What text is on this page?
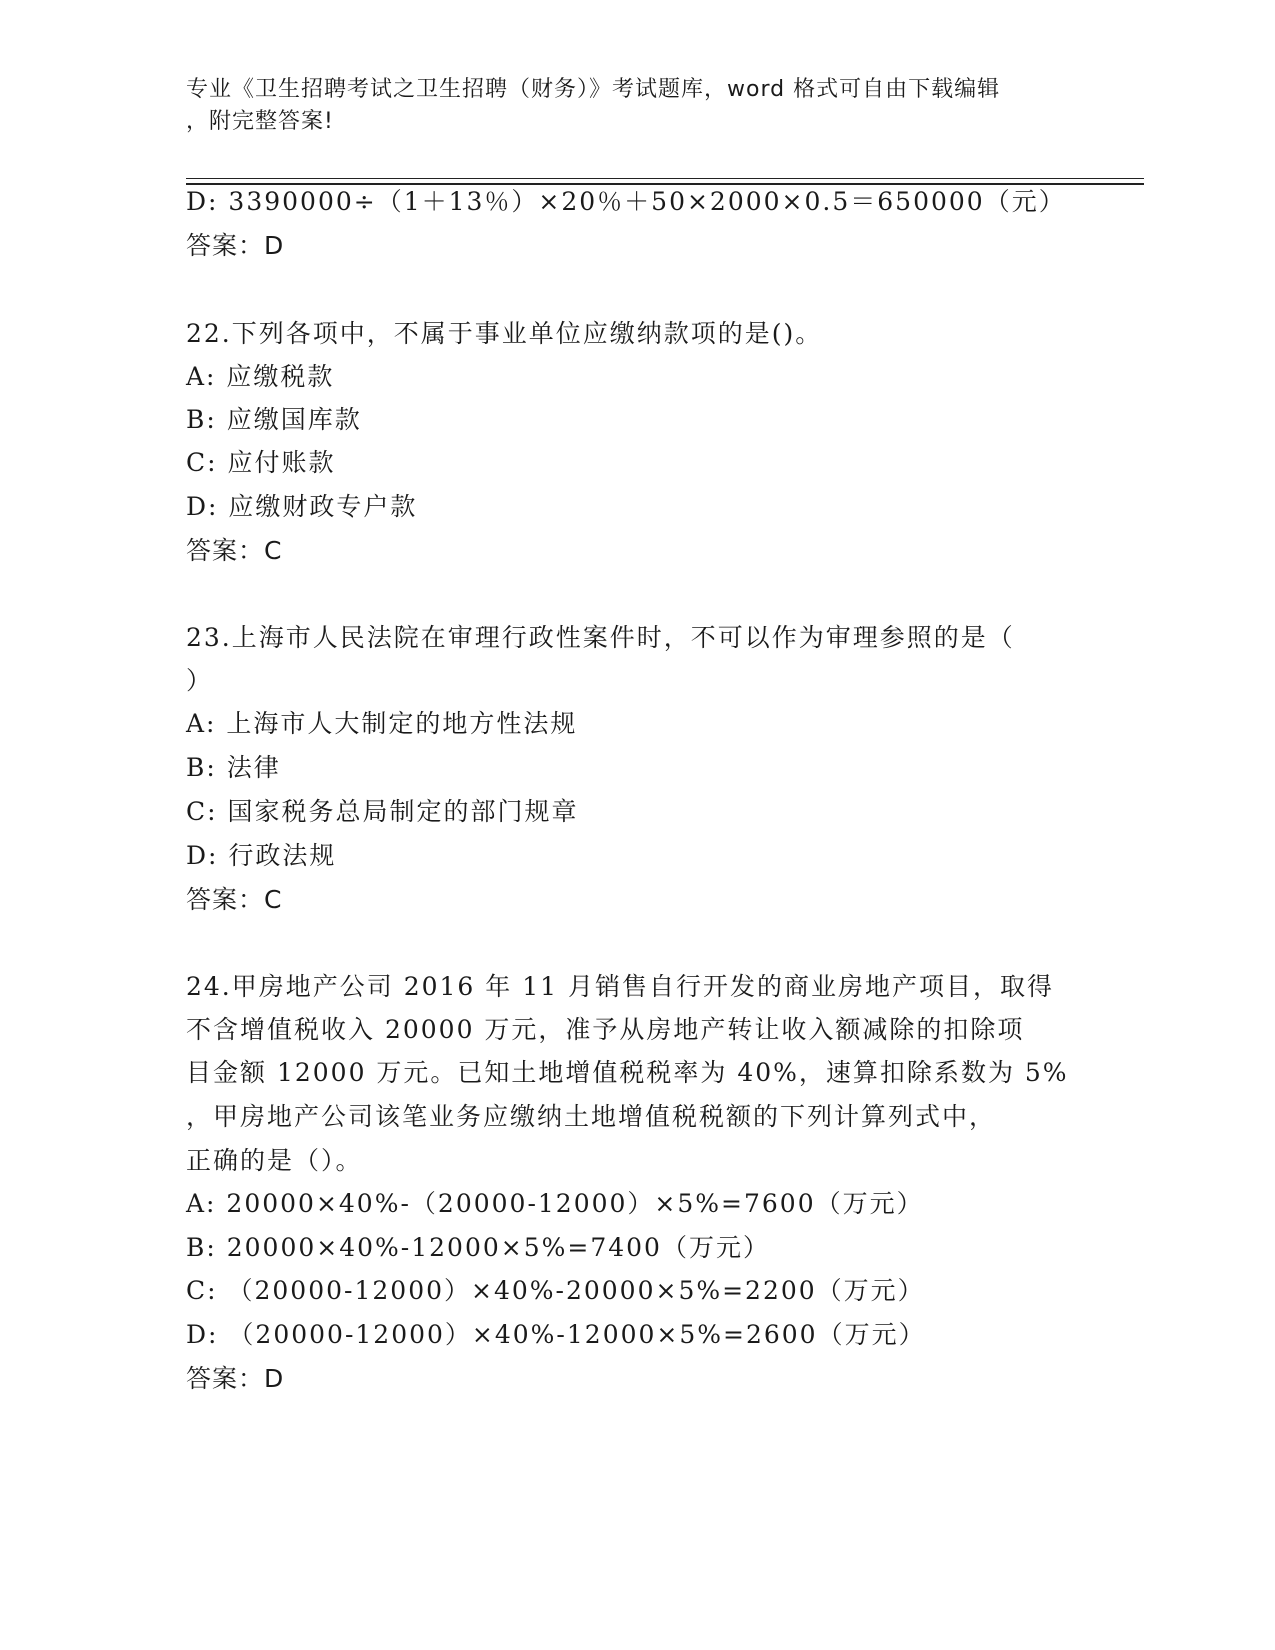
专业《卫生招聘考试之卫生招聘（财务）》考试题库，word 格式可自由下载编辑
，附完整答案!
D: 3390000÷（1＋13％）×20％＋50×2000×0.5＝650000（元）
答案：D
22.下列各项中，不属于事业单位应缴纳款项的是()。
A: 应缴税款
B: 应缴国库款
C: 应付账款
D: 应缴财政专户款
答案：C
23.上海市人民法院在审理行政性案件时，不可以作为审理参照的是（
）
A: 上海市人大制定的地方性法规
B: 法律
C: 国家税务总局制定的部门规章
D: 行政法规
答案：C
24.甲房地产公司 2016 年 11 月销售自行开发的商业房地产项目，取得
不含增值税收入 20000 万元，准予从房地产转让收入额减除的扣除项
目金额 12000 万元。已知土地增值税税率为 40%，速算扣除系数为 5%
，甲房地产公司该笔业务应缴纳土地增值税税额的下列计算列式中，
正确的是（）。
A: 20000×40%-（20000-12000）×5%=7600（万元）
B: 20000×40%-12000×5%=7400（万元）
C: （20000-12000）×40%-20000×5%=2200（万元）
D: （20000-12000）×40%-12000×5%=2600（万元）
答案：D
